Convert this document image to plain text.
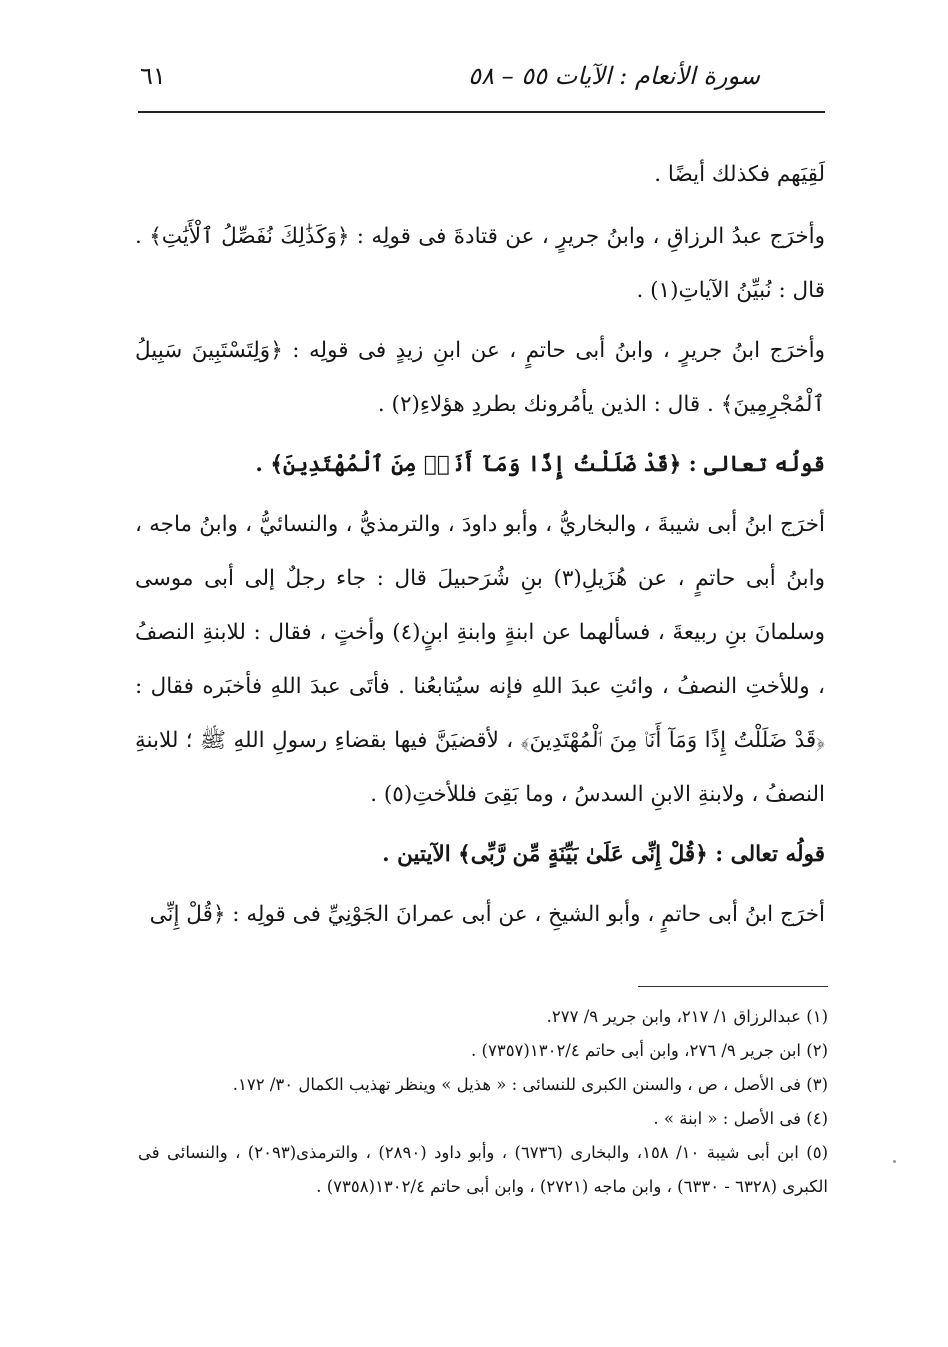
سورة الأنعام : الآيات ٥٥ – ٥٨
٦١

لَقِيَهم فكذلك أيضًا .

وأخرَج عبدُ الرزاقِ ، وابنُ جريرٍ ، عن قتادةَ فى قولِه : ﴿وَكَذَٰلِكَ نُفَصِّلُ ٱلْأَيَٰتِ﴾ . قال : نُبيِّنُ الآياتِ(١) .

وأخرَج ابنُ جريرٍ ، وابنُ أبى حاتمٍ ، عن ابنِ زيدٍ فى قولِه : ﴿وَلِتَسْتَبِينَ سَبِيلُ ٱلْمُجْرِمِينَ﴾ . قال : الذين يأمُرونك بطردِ هؤلاءِ(٢) .

قولُه تعالى : ﴿قَدْ ضَلَلْتُ إِذًا وَمَآ أَنَا۠ مِنَ ٱلْمُهْتَدِينَ﴾ .

أخرَج ابنُ أبى شيبةَ ، والبخاريُّ ، وأبو داودَ ، والترمذيُّ ، والنسائيُّ ، وابنُ ماجه ، وابنُ أبى حاتمٍ ، عن هُزَيلِ(٣) بنِ شُرَحبيلَ قال : جاء رجلٌ إلى أبى موسى وسلمانَ بنِ ربيعةَ ، فسألهما عن ابنةٍ وابنةِ ابنٍ(٤) وأختٍ ، فقال : للابنةِ النصفُ ، وللأختِ النصفُ ، وائتِ عبدَ اللهِ فإنه سيُتابعُنا . فأتَى عبدَ اللهِ فأخبَره فقال : ﴿قَدْ ضَلَلْتُ إِذًا وَمَآ أَنَا۠ مِنَ ٱلْمُهْتَدِينَ﴾ ، لأقضيَنَّ فيها بقضاءِ رسولِ اللهِ ﷺ ؛ للابنةِ النصفُ ، ولابنةِ الابنِ السدسُ ، وما بَقِىَ فللأختِ(٥) .

قولُه تعالى : ﴿قُلْ إِنِّى عَلَىٰ بَيِّنَةٍ مِّن رَّبِّى﴾ الآيتين .

أخرَج ابنُ أبى حاتمٍ ، وأبو الشيخِ ، عن أبى عمرانَ الجَوْنِيِّ فى قولِه : ﴿قُلْ إِنِّى

(١) عبدالرزاق ١/ ٢١٧، وابن جرير ٩/ ٢٧٧.

(٢) ابن جرير ٩/ ٢٧٦، وابن أبى حاتم ١٣٠٢/٤(٧٣٥٧) .

(٣) فى الأصل ، ص ، والسنن الكبرى للنسائى : « هذيل » وينظر تهذيب الكمال ٣٠/ ١٧٢.

(٤) فى الأصل : « ابنة » .

(٥) ابن أبى شيبة ١٠/ ١٥٨، والبخارى (٦٧٣٦) ، وأبو داود (٢٨٩٠) ، والترمذى(٢٠٩٣) ، والنسائى فى الكبرى (٦٣٢٨ - ٦٣٣٠) ، وابن ماجه (٢٧٢١) ، وابن أبى حاتم ١٣٠٢/٤(٧٣٥٨) .
